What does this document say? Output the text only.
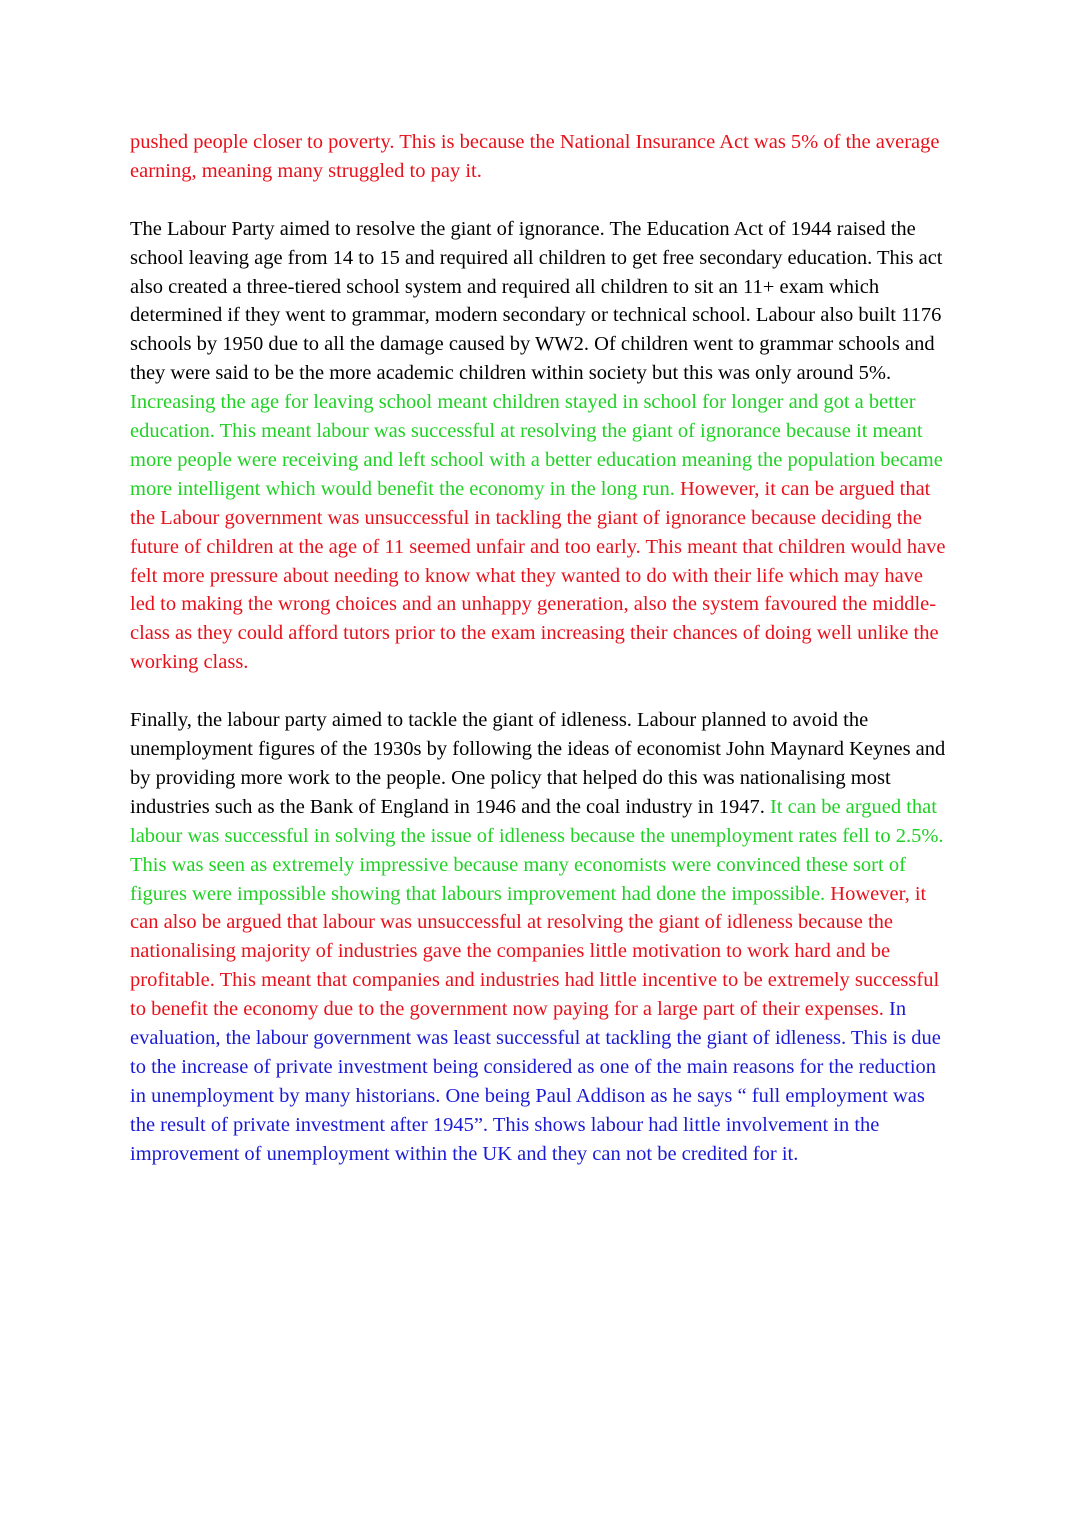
pushed people closer to poverty. This is because the National Insurance Act was 5% of the average earning, meaning many struggled to pay it.

The Labour Party aimed to resolve the giant of ignorance. The Education Act of 1944 raised the school leaving age from 14 to 15 and required all children to get free secondary education. This act also created a three-tiered school system and required all children to sit an 11+ exam which determined if they went to grammar, modern secondary or technical school. Labour also built 1176 schools by 1950 due to all the damage caused by WW2. Of children went to grammar schools and they were said to be the more academic children within society but this was only around 5%. Increasing the age for leaving school meant children stayed in school for longer and got a better education. This meant labour was successful at resolving the giant of ignorance because it meant more people were receiving and left school with a better education meaning the population became more intelligent which would benefit the economy in the long run. However, it can be argued that the Labour government was unsuccessful in tackling the giant of ignorance because deciding the future of children at the age of 11 seemed unfair and too early. This meant that children would have felt more pressure about needing to know what they wanted to do with their life which may have led to making the wrong choices and an unhappy generation, also the system favoured the middle- class as they could afford tutors prior to the exam increasing their chances of doing well unlike the working class.

Finally, the labour party aimed to tackle the giant of idleness. Labour planned to avoid the unemployment figures of the 1930s by following the ideas of economist John Maynard Keynes and by providing more work to the people. One policy that helped do this was nationalising most industries such as the Bank of England in 1946 and the coal industry in 1947. It can be argued that labour was successful in solving the issue of idleness because the unemployment rates fell to 2.5%. This was seen as extremely impressive because many economists were convinced these sort of figures were impossible showing that labours improvement had done the impossible. However, it can also be argued that labour was unsuccessful at resolving the giant of idleness because the nationalising majority of industries gave the companies little motivation to work hard and be profitable. This meant that companies and industries had little incentive to be extremely successful to benefit the economy due to the government now paying for a large part of their expenses. In evaluation, the labour government was least successful at tackling the giant of idleness. This is due to the increase of private investment being considered as one of the main reasons for the reduction in unemployment by many historians. One being Paul Addison as he says “ full employment was the result of private investment after 1945”. This shows labour had little involvement in the improvement of unemployment within the UK and they can not be credited for it.
